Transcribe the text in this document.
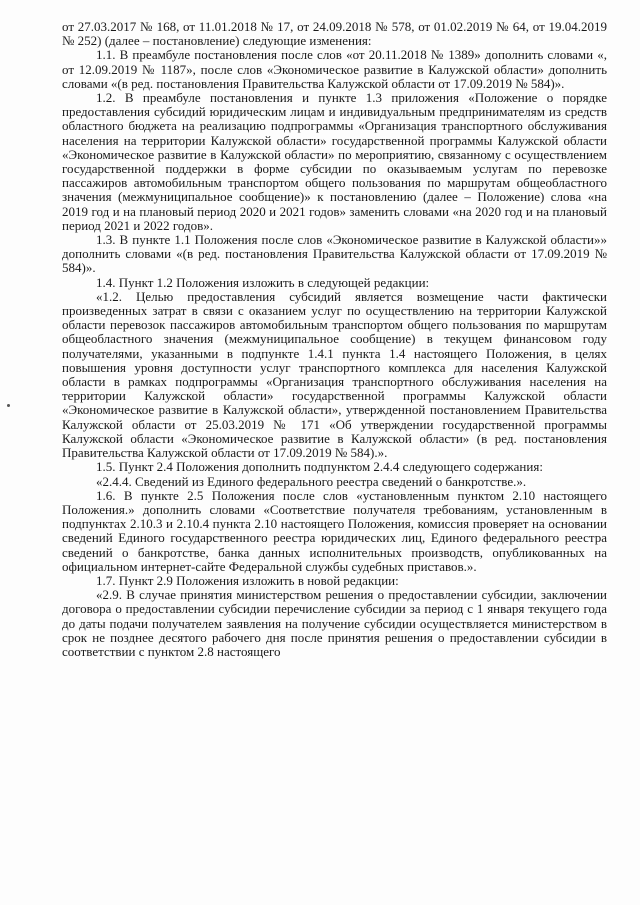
от 27.03.2017 № 168, от 11.01.2018 № 17, от 24.09.2018 № 578, от 01.02.2019 № 64, от 19.04.2019 № 252) (далее – постановление) следующие изменения:

1.1. В преамбуле постановления после слов «от 20.11.2018 № 1389» дополнить словами «, от 12.09.2019 № 1187», после слов «Экономическое развитие в Калужской области» дополнить словами «(в ред. постановления Правительства Калужской области от 17.09.2019 № 584)».

1.2. В преамбуле постановления и пункте 1.3 приложения «Положение о порядке предоставления субсидий юридическим лицам и индивидуальным предпринимателям из средств областного бюджета на реализацию подпрограммы «Организация транспортного обслуживания населения на территории Калужской области» государственной программы Калужской области «Экономическое развитие в Калужской области» по мероприятию, связанному с осуществлением государственной поддержки в форме субсидии по оказываемым услугам по перевозке пассажиров автомобильным транспортом общего пользования по маршрутам общеобластного значения (межмуниципальное сообщение)» к постановлению (далее – Положение) слова «на 2019 год и на плановый период 2020 и 2021 годов» заменить словами «на 2020 год и на плановый период 2021 и 2022 годов».

1.3. В пункте 1.1 Положения после слов «Экономическое развитие в Калужской области»» дополнить словами «(в ред. постановления Правительства Калужской области от 17.09.2019 № 584)».

1.4. Пункт 1.2 Положения изложить в следующей редакции:

«1.2. Целью предоставления субсидий является возмещение части фактически произведенных затрат в связи с оказанием услуг по осуществлению на территории Калужской области перевозок пассажиров автомобильным транспортом общего пользования по маршрутам общеобластного значения (межмуниципальное сообщение) в текущем финансовом году получателями, указанными в подпункте 1.4.1 пункта 1.4 настоящего Положения, в целях повышения уровня доступности услуг транспортного комплекса для населения Калужской области в рамках подпрограммы «Организация транспортного обслуживания населения на территории Калужской области» государственной программы Калужской области «Экономическое развитие в Калужской области», утвержденной постановлением Правительства Калужской области от 25.03.2019 № 171 «Об утверждении государственной программы Калужской области «Экономическое развитие в Калужской области» (в ред. постановления Правительства Калужской области от 17.09.2019 № 584).».

1.5. Пункт 2.4 Положения дополнить подпунктом 2.4.4 следующего содержания:

«2.4.4. Сведений из Единого федерального реестра сведений о банкротстве.».

1.6. В пункте 2.5 Положения после слов «установленным пунктом 2.10 настоящего Положения.» дополнить словами «Соответствие получателя требованиям, установленным в подпунктах 2.10.3 и 2.10.4 пункта 2.10 настоящего Положения, комиссия проверяет на основании сведений Единого государственного реестра юридических лиц, Единого федерального реестра сведений о банкротстве, банка данных исполнительных производств, опубликованных на официальном интернет-сайте Федеральной службы судебных приставов.».

1.7. Пункт 2.9 Положения изложить в новой редакции:

«2.9. В случае принятия министерством решения о предоставлении субсидии, заключении договора о предоставлении субсидии перечисление субсидии за период с 1 января текущего года до даты подачи получателем заявления на получение субсидии осуществляется министерством в срок не позднее десятого рабочего дня после принятия решения о предоставлении субсидии в соответствии с пунктом 2.8 настоящего
